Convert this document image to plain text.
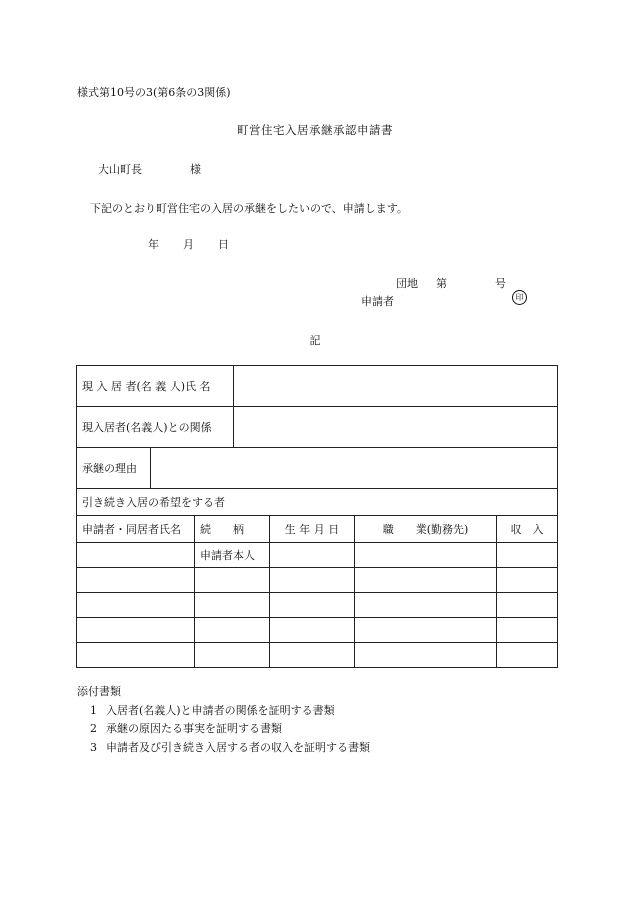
様式第10号の3(第6条の3関係)
町営住宅入居承継承認申請書
大山町長	様
下記のとおり町営住宅の入居の承継をしたいので、申請します。
年 月 日
団地 第	号
申請者	印
記
現 入 居 者(名 義 人)氏 名	

現入居者(名義人)との関係	

承継の理由	

引き続き入居の希望をする者
申請者・同居者氏名	続　　柄	生 年 月 日	職　　業(勤務先)	収　入
	申請者本人			

添付書類
1 入居者(名義人)と申請者の関係を証明する書類
2 承継の原因たる事実を証明する書類
3 申請者及び引き続き入居する者の収入を証明する書類
